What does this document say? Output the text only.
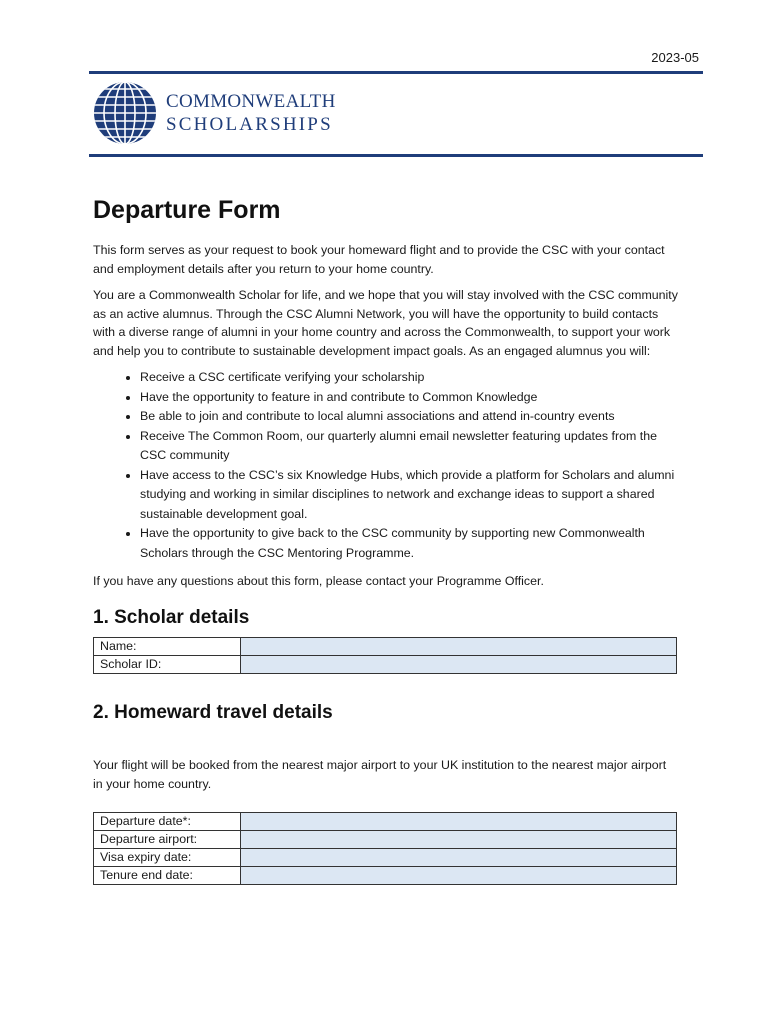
2023-05
COMMONWEALTH
SCHOLARSHIPS
Departure Form

This form serves as your request to book your homeward flight and to provide the CSC with your contact and employment details after you return to your home country.

You are a Commonwealth Scholar for life, and we hope that you will stay involved with the CSC community as an active alumnus. Through the CSC Alumni Network, you will have the opportunity to build contacts with a diverse range of alumni in your home country and across the Commonwealth, to support your work and help you to contribute to sustainable development impact goals. As an engaged alumnus you will:

• Receive a CSC certificate verifying your scholarship
• Have the opportunity to feature in and contribute to Common Knowledge
• Be able to join and contribute to local alumni associations and attend in-country events
• Receive The Common Room, our quarterly alumni email newsletter featuring updates from the CSC community
• Have access to the CSC’s six Knowledge Hubs, which provide a platform for Scholars and alumni studying and working in similar disciplines to network and exchange ideas to support a shared sustainable development goal.
• Have the opportunity to give back to the CSC community by supporting new Commonwealth Scholars through the CSC Mentoring Programme.

If you have any questions about this form, please contact your Programme Officer.

1. Scholar details
Name:	
Scholar ID:	
2. Homeward travel details

Your flight will be booked from the nearest major airport to your UK institution to the nearest major airport in your home country.

Departure date*:	
Departure airport:	
Visa expiry date:	
Tenure end date:	
